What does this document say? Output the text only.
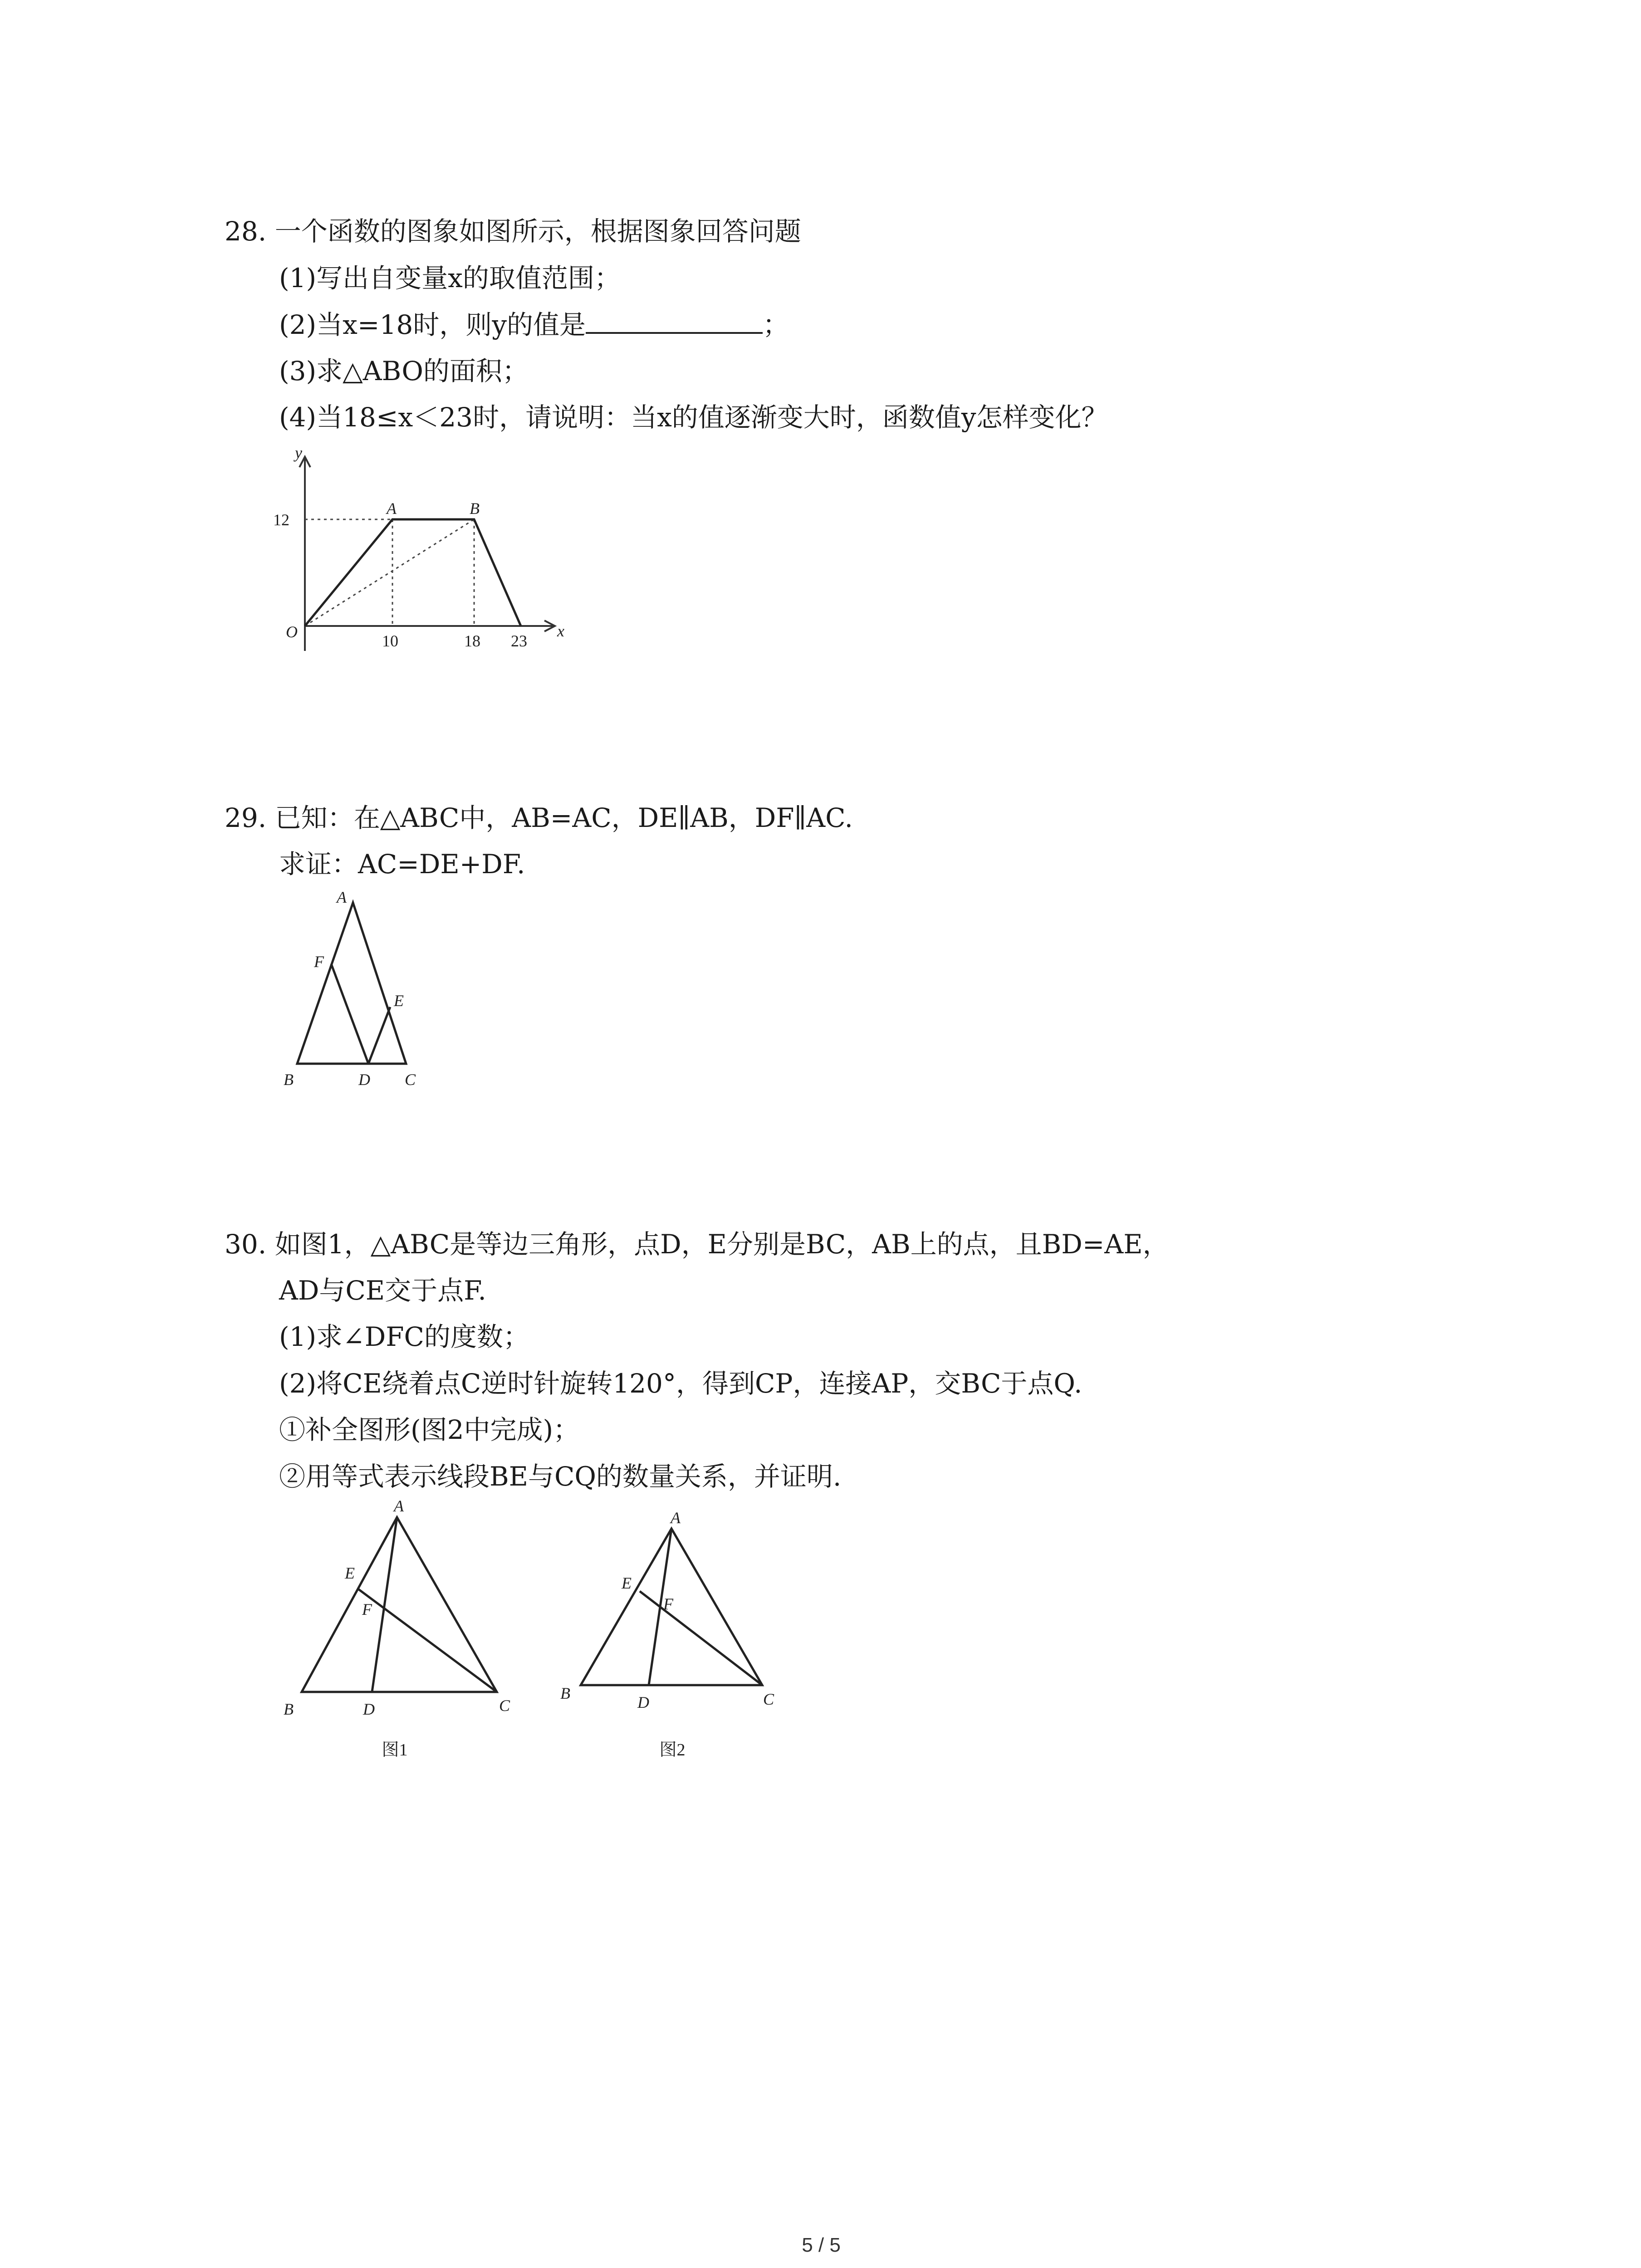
28. 一个函数的图象如图所示，根据图象回答问题
(1)写出自变量x的取值范围；
(2)当x=18时，则y的值是	；
(3)求△ABO的面积；
(4)当18≤x＜23时，请说明：当x的值逐渐变大时，函数值y怎样变化？
y
x
O
12
10	18 23
A	B
29. 已知：在△ABC中，AB=AC，DE∥AB，DF∥AC.
求证：AC=DE+DF.
A
F
E
B	D C
30. 如图1，△ABC是等边三角形，点D，E分别是BC，AB上的点，且BD=AE，
AD与CE交于点F.
(1)求∠DFC的度数；
(2)将CE绕着点C逆时针旋转120°，得到CP，连接AP，交BC于点Q.
①补全图形(图2中完成)；
②用等式表示线段BE与CQ的数量关系，并证明.
A
E
F
B	D	C
图1
A
E
F
B	D	C
图2
5 / 5
